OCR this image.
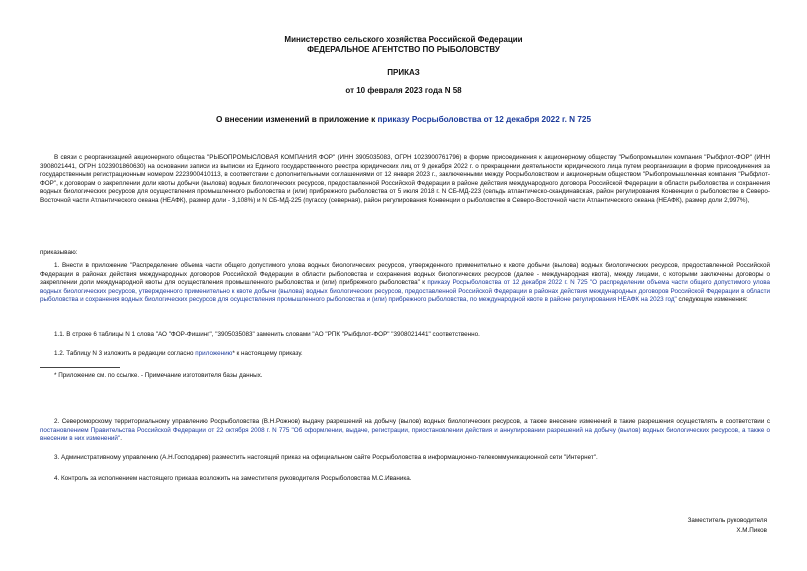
Министерство сельского хозяйства Российской Федерации
ФЕДЕРАЛЬНОЕ АГЕНТСТВО ПО РЫБОЛОВСТВУ
ПРИКАЗ
от 10 февраля 2023 года N 58
О внесении изменений в приложение к приказу Росрыболовства от 12 декабря 2022 г. N 725
В связи с реорганизацией акционерного общества "РЫБОПРОМЫСЛОВАЯ КОМПАНИЯ ФОР" (ИНН 3905035083, ОГРН 1023900761796) в форме присоединения к акционерному обществу "Рыбопромышлен компания "Рыбфлот-ФОР" (ИНН 3908021441, ОГРН 1023901860630) на основании записи из выписки из Единого государственного реестра юридических лиц от 9 декабря 2022 г. о прекращении деятельности юридического лица путем реорганизации в форме присоединения за государственным регистрационным номером 2223900410113, в соответствии с дополнительными соглашениями от 12 января 2023 г., заключенными между Росрыболовством и акционерным обществом "Рыбопромышленная компания "Рыбфлот-ФОР", к договорам о закреплении доли квоты добычи (вылова) водных биологических ресурсов, предоставленной Российской Федерации в районе действия международного договора Российской Федерации в области рыболовства и сохранения водных биологических ресурсов для осуществления промышленного рыболовства и (или) прибрежного рыболовства от 5 июля 2018 г. N СБ-МД-223 (сельдь атлантическо-скандинавская, район регулирования Конвенции о рыболовстве в Северо-Восточной части Атлантического океана (НЕАФК), размер доли - 3,108%) и N СБ-МД-225 (пугассу (северная), район регулирования Конвенции о рыболовстве в Северо-Восточной части Атлантического океана (НЕАФК), размер доли 2,997%),
приказываю:
1. Внести в приложение "Распределение объема части общего допустимого улова водных биологических ресурсов, утвержденного применительно к квоте добычи (вылова) водных биологических ресурсов, предоставленной Российской Федерации в районах действия международных договоров Российской Федерации в области рыболовства и сохранения водных биологических ресурсов (далее - международная квота), между лицами, с которыми заключены договоры о закреплении доли международной квоты для осуществления промышленного рыболовства и (или) прибрежного рыболовства" к приказу Росрыболовства от 12 декабря 2022 г. N 725 "О распределении объема части общего допустимого улова водных биологических ресурсов, утвержденного применительно к квоте добычи (вылова) водных биологических ресурсов, предоставленной Российской Федерации в районах действия международных договоров Российской Федерации в области рыболовства и сохранения водных биологических ресурсов для осуществления промышленного рыболовства и (или) прибрежного рыболовства, по международной квоте в районе регулирования НЕАФК на 2023 год" следующие изменения:
1.1. В строке 6 таблицы N 1 слова "АО "ФОР-Фишинг", "3905035083" заменить словами "АО "РПК "Рыбфлот-ФОР" "3908021441" соответственно.
1.2. Таблицу N 3 изложить в редакции согласно приложению* к настоящему приказу.
* Приложение см. по ссылке. - Примечание изготовителя базы данных.
2. Североморскому территориальному управлению Росрыболовства (В.Н.Рожнов) выдачу разрешений на добычу (вылов) водных биологических ресурсов, а также внесение изменений в такие разрешения осуществлять в соответствии с постановлением Правительства Российской Федерации от 22 октября 2008 г. N 775 "Об оформлении, выдаче, регистрации, приостановлении действия и аннулировании разрешений на добычу (вылов) водных биологических ресурсов, а также о внесении в них изменений".
3. Административному управлению (А.Н.Господарев) разместить настоящий приказ на официальном сайте Росрыболовства в информационно-телекоммуникационной сети "Интернет".
4. Контроль за исполнением настоящего приказа возложить на заместителя руководителя Росрыболовства М.С.Иваника.
Заместитель руководителя
Х.М.Пиков
